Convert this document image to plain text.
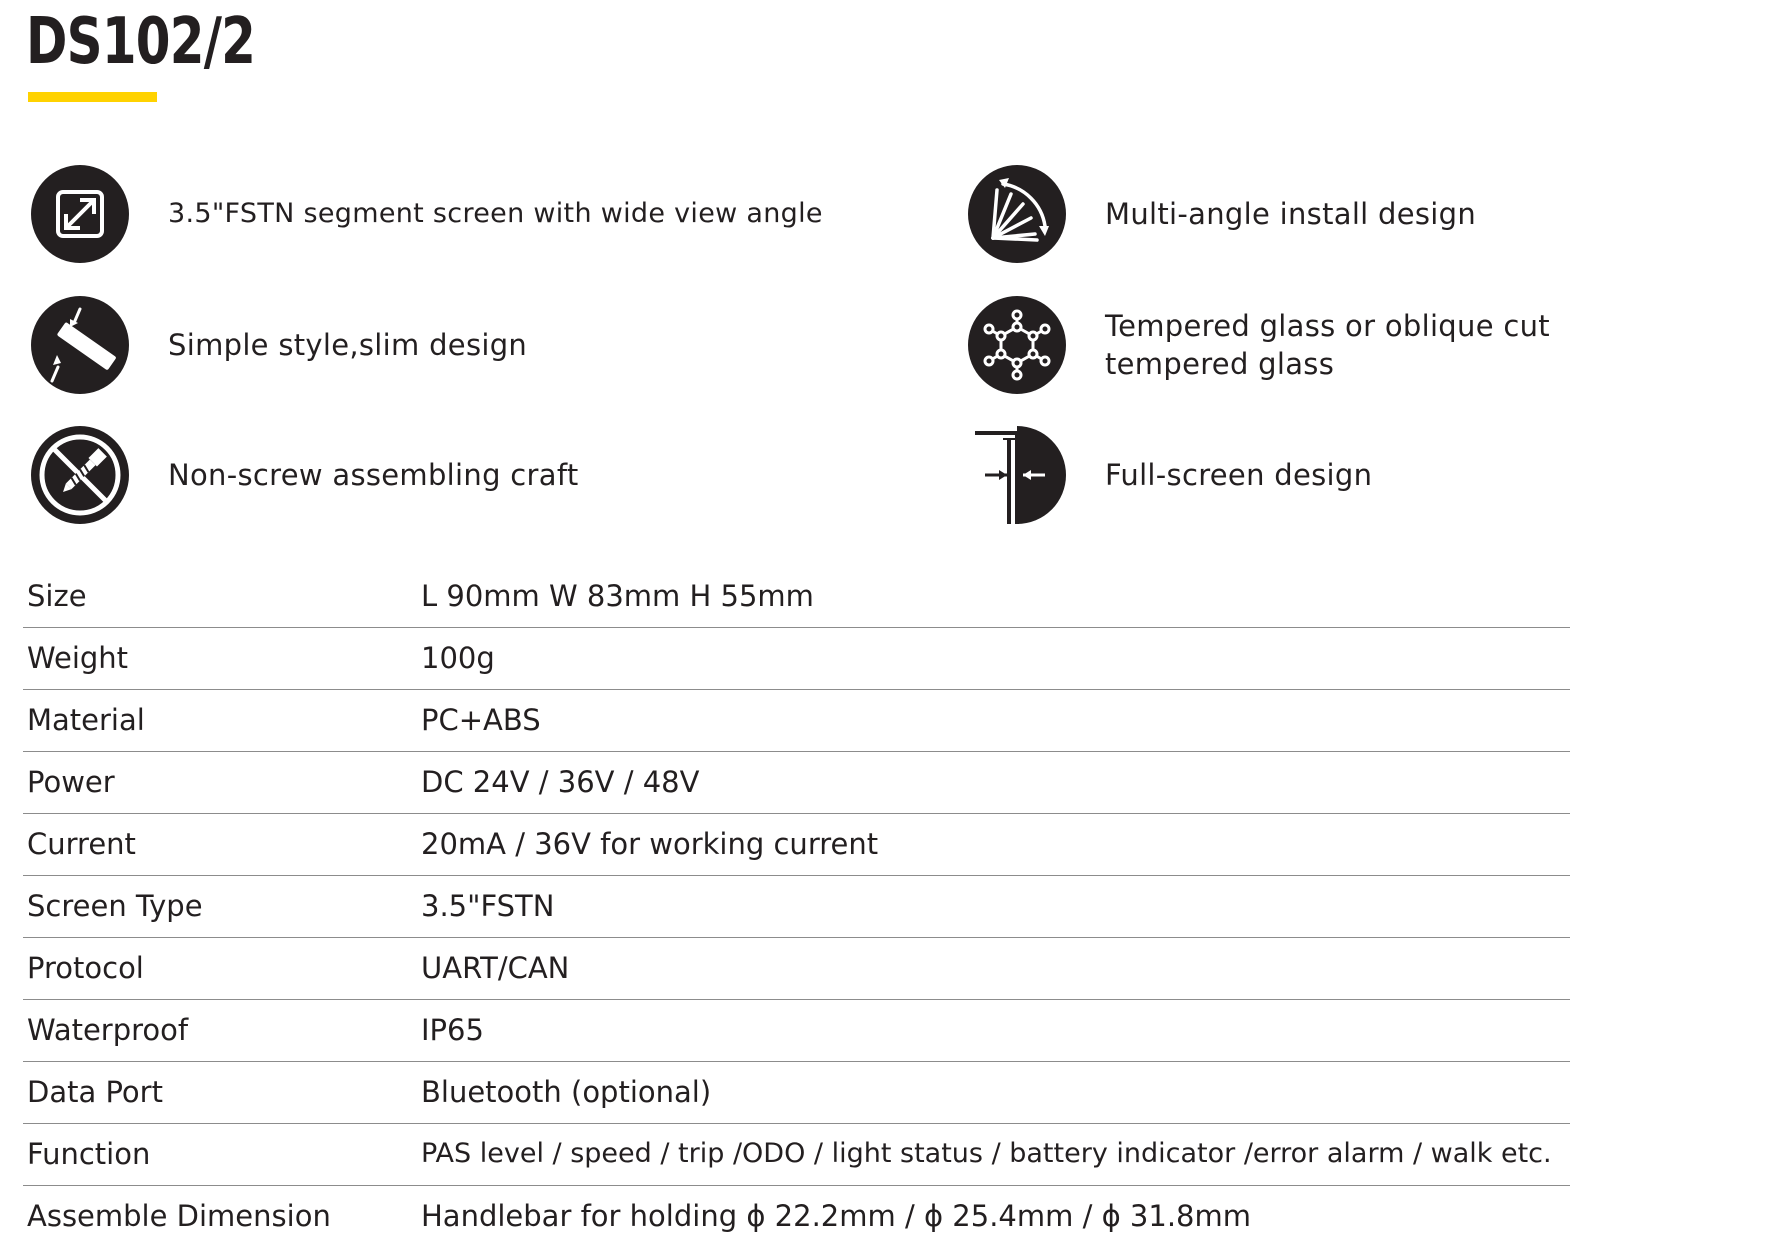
DS102/2
3.5"FSTN segment screen with wide view angle	Multi-angle install design
Simple style,slim design
Tempered glass or oblique cut tempered glass
Non-screw assembling craft	Full-screen design
Size	L 90mm W 83mm H 55mm
Weight	100g
Material	PC+ABS
Power	DC 24V / 36V / 48V
Current	20mA / 36V for working current
Screen Type	3.5"FSTN
Protocol	UART/CAN
Waterproof	IP65
Data Port	Bluetooth (optional)
Function	PAS level / speed / trip /ODO / light status / battery indicator /error alarm / walk etc.
Assemble Dimension	Handlebar for holding ϕ 22.2mm / ϕ 25.4mm / ϕ 31.8mm
